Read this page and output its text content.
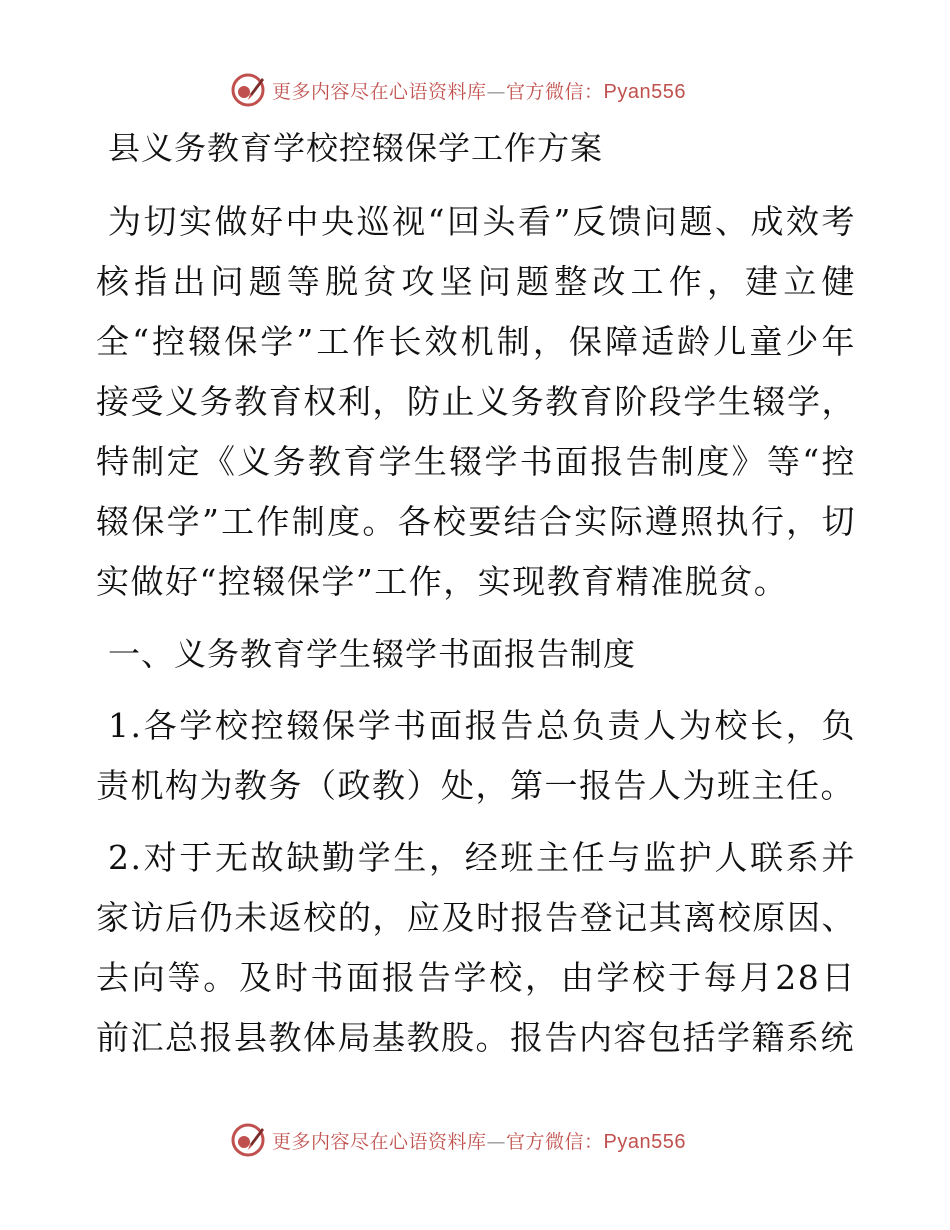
更多内容尽在心语资料库—官方微信：Pyan556
县义务教育学校控辍保学工作方案

为切实做好中央巡视“回头看”反馈问题、成效考核指出问题等脱贫攻坚问题整改工作，建立健全“控辍保学”工作长效机制，保障适龄儿童少年接受义务教育权利，防止义务教育阶段学生辍学，特制定《义务教育学生辍学书面报告制度》等“控辍保学”工作制度。各校要结合实际遵照执行，切实做好“控辍保学”工作，实现教育精准脱贫。

一、义务教育学生辍学书面报告制度

1.各学校控辍保学书面报告总负责人为校长，负责机构为教务（政教）处，第一报告人为班主任。

2.对于无故缺勤学生，经班主任与监护人联系并家访后仍未返校的，应及时报告登记其离校原因、去向等。及时书面报告学校，由学校于每月28日前汇总报县教体局基教股。报告内容包括学籍系统

更多内容尽在心语资料库—官方微信：Pyan556
